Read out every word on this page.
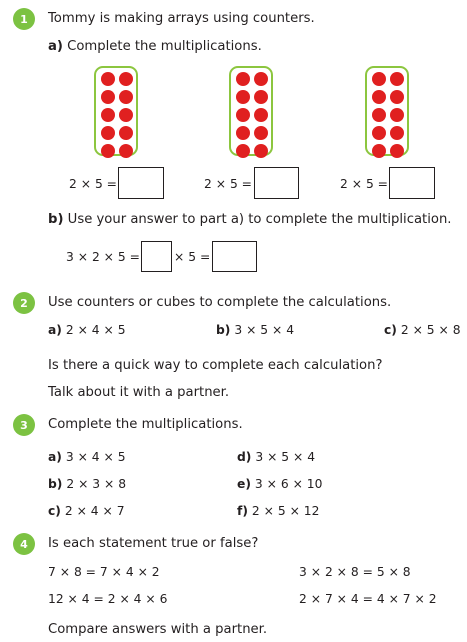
1 Tommy is making arrays using counters.
a) Complete the multiplications.
2 × 5 =	2 × 5 =	2 × 5 =
b) Use your answer to part a) to complete the multiplication.
3 × 2 × 5 =	× 5 =
2 Use counters or cubes to complete the calculations.
a) 2 × 4 × 5	b) 3 × 5 × 4	c) 2 × 5 × 8
Is there a quick way to complete each calculation?
Talk about it with a partner.
3 Complete the multiplications.
a) 3 × 4 × 5
b) 2 × 3 × 8
c) 2 × 4 × 7
d) 3 × 5 × 4
e) 3 × 6 × 10
f) 2 × 5 × 12
4 Is each statement true or false?
7 × 8 = 7 × 4 × 2	3 × 2 × 8 = 5 × 8
12 × 4 = 2 × 4 × 6	2 × 7 × 4 = 4 × 7 × 2
Compare answers with a partner.
